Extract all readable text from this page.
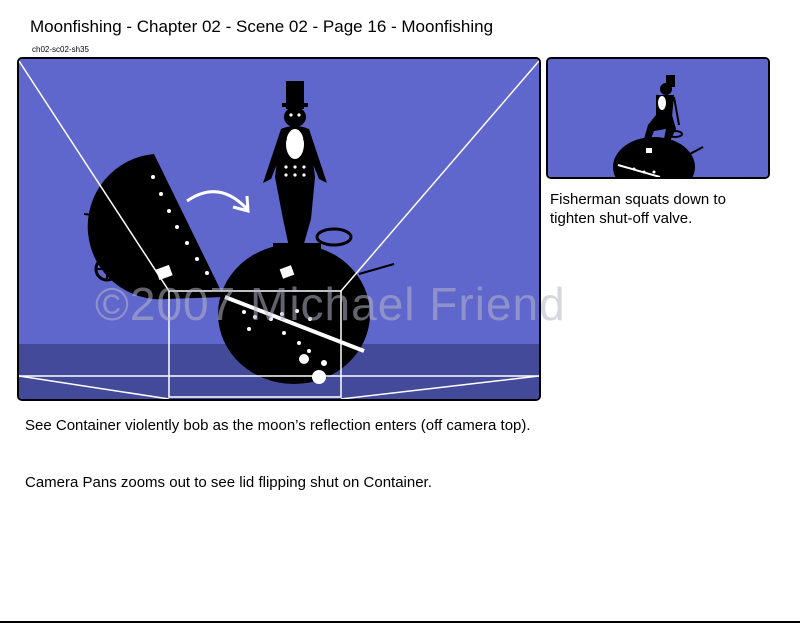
Moonfishing - Chapter 02 - Scene 02 - Page 16 - Moonfishing
ch02-sc02-sh35
©2007 Michael Friend
Fisherman squats down to tighten shut-off valve.
See Container violently bob as the moon’s reflection enters (off camera top).
Camera Pans zooms out to see lid flipping shut on Container.
